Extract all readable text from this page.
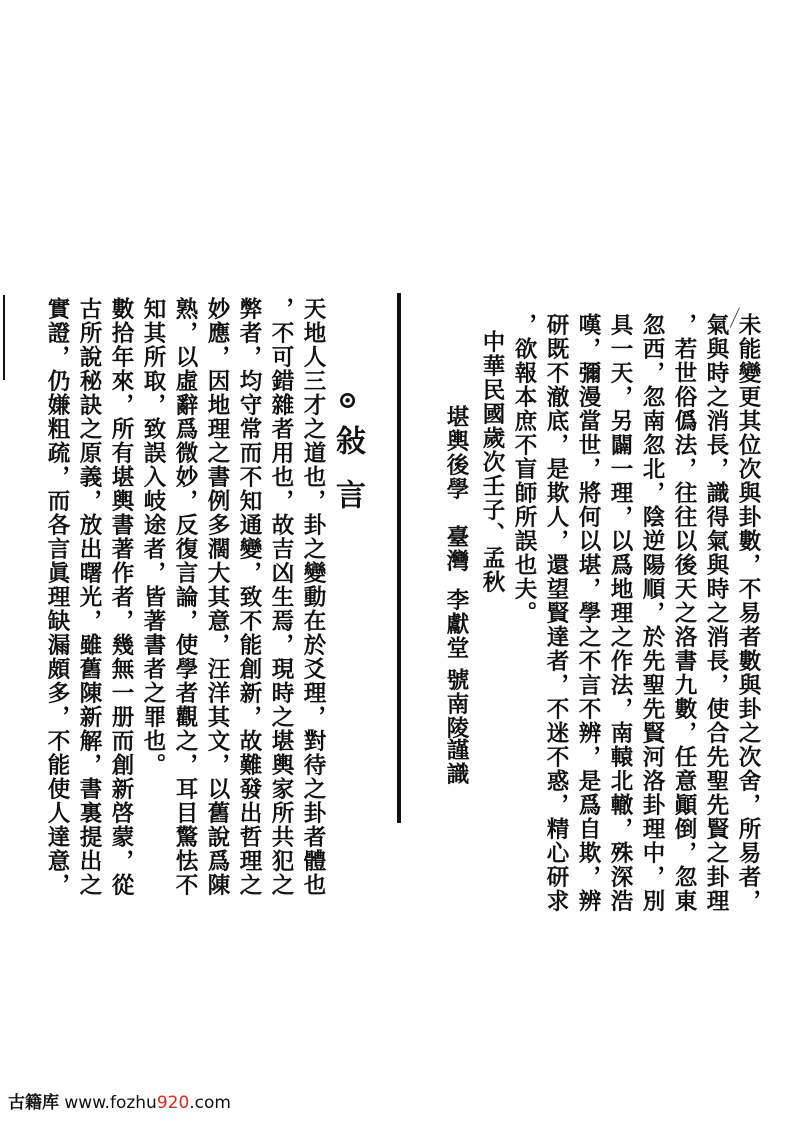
未能變更其位次與卦數，不易者數與卦之次舍，所易者，
氣與時之消長，識得氣與時之消長，使合先聖先賢之卦理
，若世俗僞法，往往以後天之洛書九數，任意顚倒，忽東
忽西，忽南忽北，陰逆陽順，於先聖先賢河洛卦理中，別
具一天，另闢一理，以爲地理之作法，南轅北轍，殊深浩
嘆，彌漫當世，將何以堪，學之不言不辨，是爲自欺，辨
研既不澈底，是欺人，還望賢達者，不迷不惑，精心研求
，欲報本庶不盲師所誤也夫。
中華民國歲次壬子、孟秋
堪輿後學
臺灣
李獻堂
號南陵
謹識
⊙
敍言
天地人三才之道也，卦之變動在於爻理，對待之卦者體也
，不可錯雜者用也，故吉凶生焉，現時之堪輿家所共犯之
弊者，均守常而不知通變，致不能創新，故難發出哲理之
妙應，因地理之書例多濶大其意，汪洋其文，以舊說爲陳
熟，以虛辭爲微妙，反復言論，使學者觀之，耳目驚怯不
知其所取，致誤入岐途者，皆著書者之罪也。
數拾年來，所有堪輿書著作者，幾無一册而創新啓蒙，從
古所說秘訣之原義，放出曙光，雖舊陳新解，書裏提出之
實證，仍嫌粗疏，而各言眞理缺漏頗多，不能使人達意，
古籍库 www.fozhu920.com
